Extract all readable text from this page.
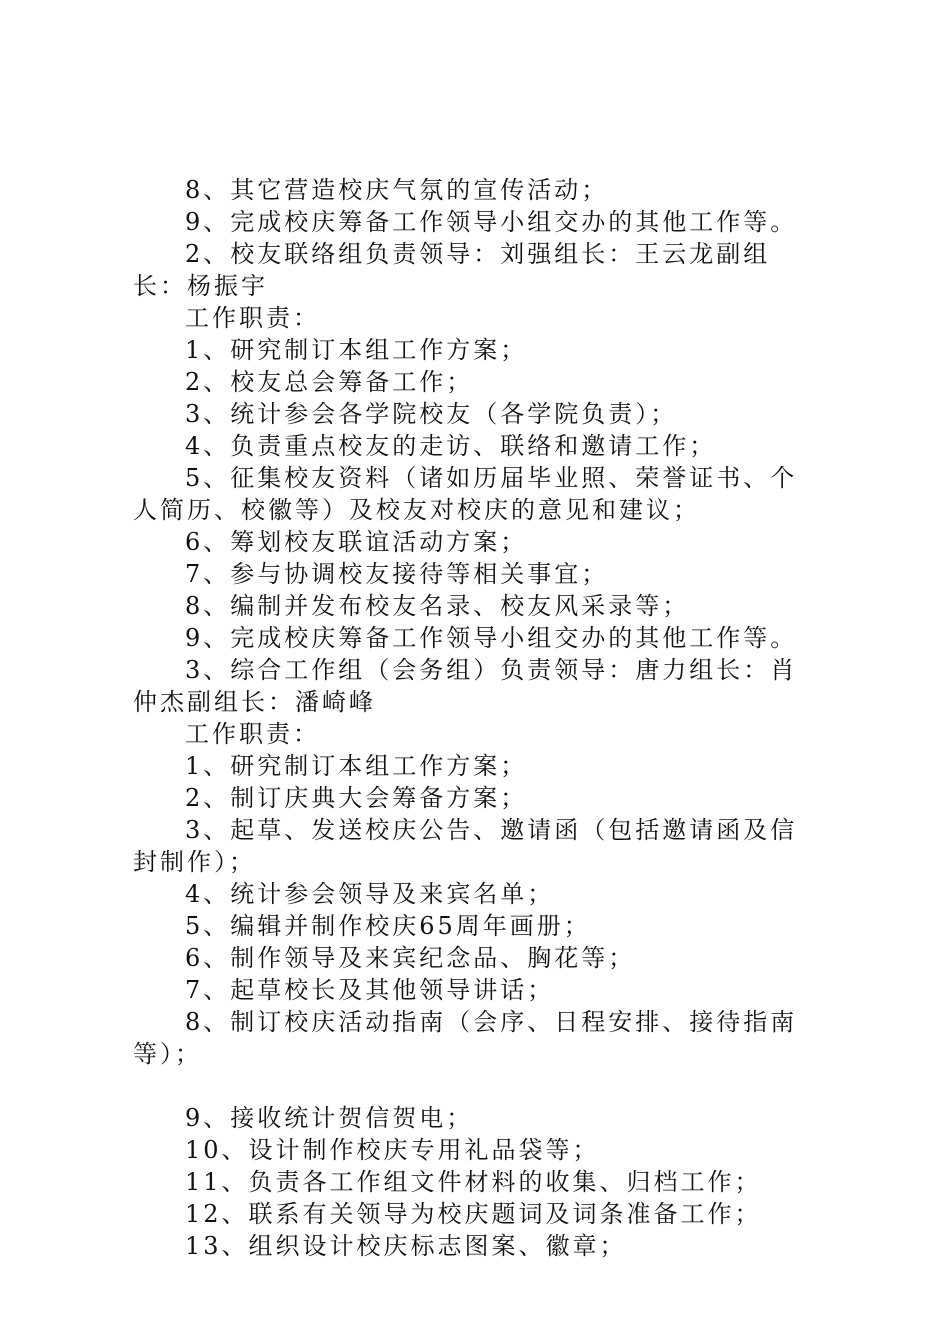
8、其它营造校庆气氛的宣传活动；

9、完成校庆筹备工作领导小组交办的其他工作等。

2、校友联络组负责领导：刘强组长：王云龙副组长：杨振宇

工作职责：

1、研究制订本组工作方案；

2、校友总会筹备工作；

3、统计参会各学院校友（各学院负责）；

4、负责重点校友的走访、联络和邀请工作；

5、征集校友资料（诸如历届毕业照、荣誉证书、个人简历、校徽等）及校友对校庆的意见和建议；

6、筹划校友联谊活动方案；

7、参与协调校友接待等相关事宜；

8、编制并发布校友名录、校友风采录等；

9、完成校庆筹备工作领导小组交办的其他工作等。

3、综合工作组（会务组）负责领导：唐力组长：肖仲杰副组长：潘崎峰

工作职责：

1、研究制订本组工作方案；

2、制订庆典大会筹备方案；

3、起草、发送校庆公告、邀请函（包括邀请函及信封制作）；

4、统计参会领导及来宾名单；

5、编辑并制作校庆65周年画册；

6、制作领导及来宾纪念品、胸花等；

7、起草校长及其他领导讲话；

8、制订校庆活动指南（会序、日程安排、接待指南等）；

9、接收统计贺信贺电；

10、设计制作校庆专用礼品袋等；

11、负责各工作组文件材料的收集、归档工作；

12、联系有关领导为校庆题词及词条准备工作；

13、组织设计校庆标志图案、徽章；
